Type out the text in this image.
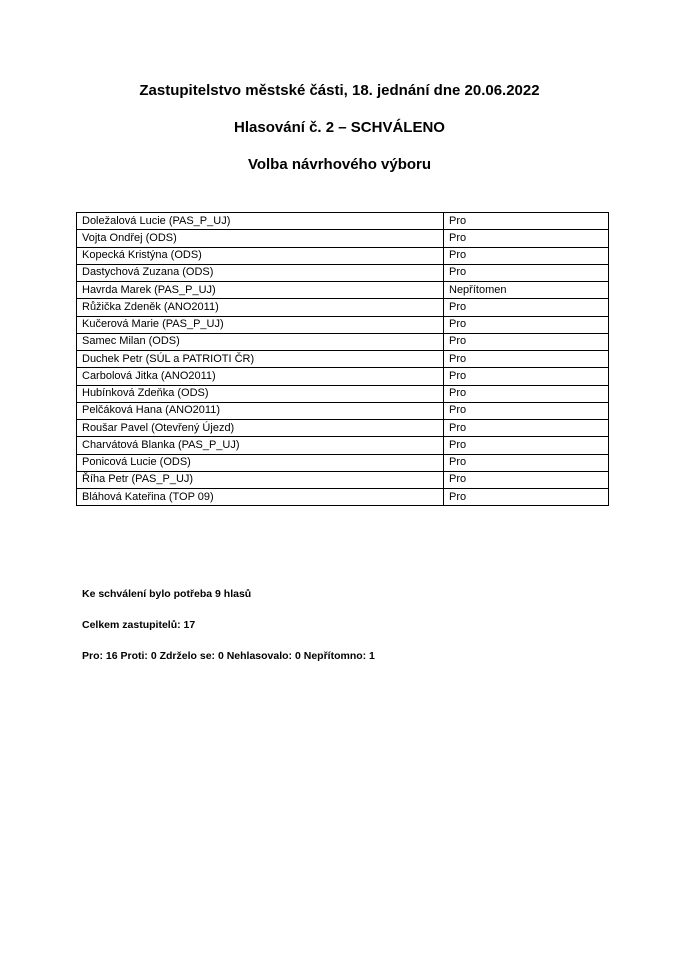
Zastupitelstvo městské části, 18. jednání dne 20.06.2022
Hlasování č. 2 – SCHVÁLENO
Volba návrhového výboru
Doležalová Lucie (PAS_P_UJ)	Pro
Vojta Ondřej (ODS)	Pro
Kopecká Kristýna (ODS)	Pro
Dastychová Zuzana (ODS)	Pro
Havrda Marek (PAS_P_UJ)	Nepřítomen
Růžička Zdeněk (ANO2011)	Pro
Kučerová Marie (PAS_P_UJ)	Pro
Samec Milan (ODS)	Pro
Duchek Petr (SÚL a PATRIOTI ČR)	Pro
Carbolová Jitka (ANO2011)	Pro
Hubínková Zdeňka (ODS)	Pro
Pelčáková Hana (ANO2011)	Pro
Roušar Pavel (Otevřený Újezd)	Pro
Charvátová Blanka (PAS_P_UJ)	Pro
Ponicová Lucie (ODS)	Pro
Říha Petr (PAS_P_UJ)	Pro
Bláhová Kateřina (TOP 09)	Pro
Ke schválení bylo potřeba 9 hlasů
Celkem zastupitelů: 17
Pro: 16 Proti: 0 Zdrželo se: 0 Nehlasovalo: 0 Nepřítomno: 1
